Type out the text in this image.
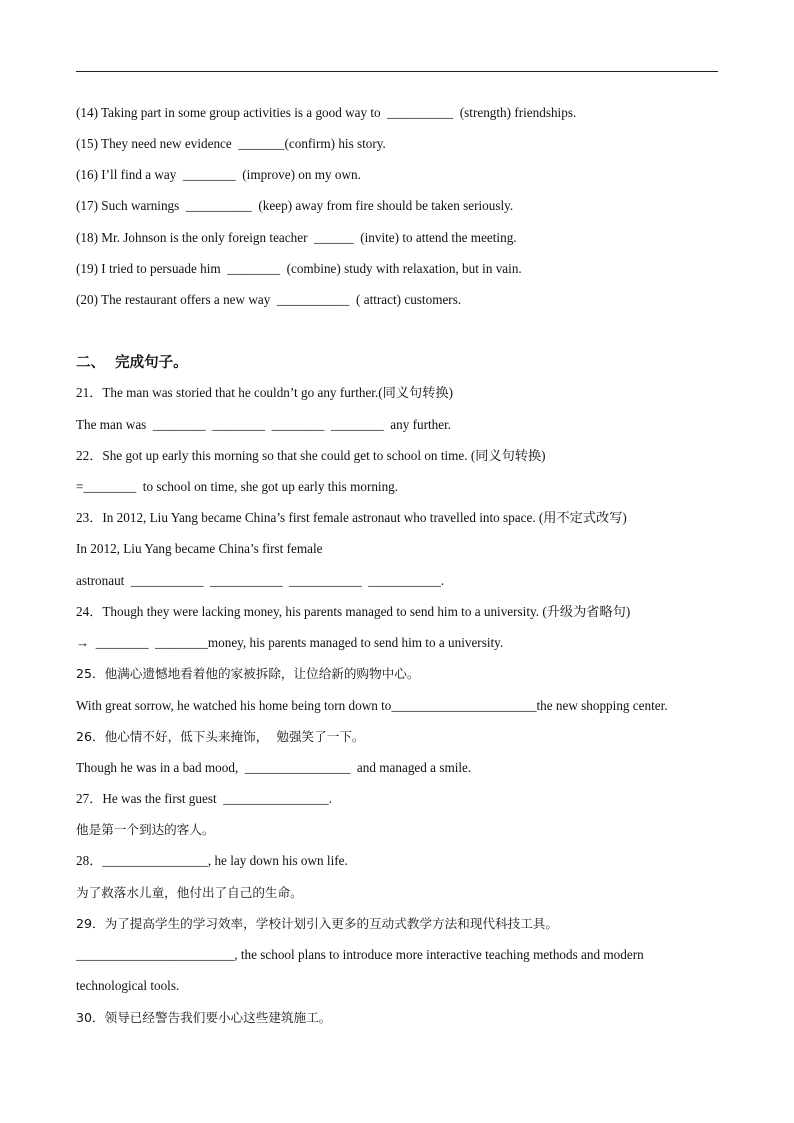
(14) Taking part in some group activities is a good way to  __________  (strength) friendships.
(15) They need new evidence  _______(confirm) his story.
(16) I’ll find a way  ________  (improve) on my own.
(17) Such warnings  __________  (keep) away from fire should be taken seriously.
(18) Mr. Johnson is the only foreign teacher  ______  (invite) to attend the meeting.
(19) I tried to persuade him  ________  (combine) study with relaxation, but in vain.
(20) The restaurant offers a new way  ___________  ( attract) customers.
二、  完成句子。
21．The man was storied that he couldn’t go any further.(同义句转换)
The man was  ________  ________  ________  ________  any further.
22．She got up early this morning so that she could get to school on time. (同义句转换)
=________  to school on time, she got up early this morning.
23．In 2012, Liu Yang became China’s first female astronaut who travelled into space. (用不定式改写)
In 2012, Liu Yang became China’s first female
astronaut  ___________  ___________  ___________  ___________.
24．Though they were lacking money, his parents managed to send him to a university. (升级为省略句)
→  ________  ________money, his parents managed to send him to a university.
25．他满心遗憾地看着他的家被拆除，让位给新的购物中心。
With great sorrow, he watched his home being torn down to______________________the new shopping center.
26．他心情不好，低下头来掩饰，  勉强笑了一下。
Though he was in a bad mood,  ________________  and managed a smile.
27．He was the first guest  ________________.
他是第一个到达的客人。
28．________________, he lay down his own life.
为了救落水儿童，他付出了自己的生命。
29．为了提高学生的学习效率，学校计划引入更多的互动式教学方法和现代科技工具。
________________________, the school plans to introduce more interactive teaching methods and modern
technological tools.
30．领导已经警告我们要小心这些建筑施工。
